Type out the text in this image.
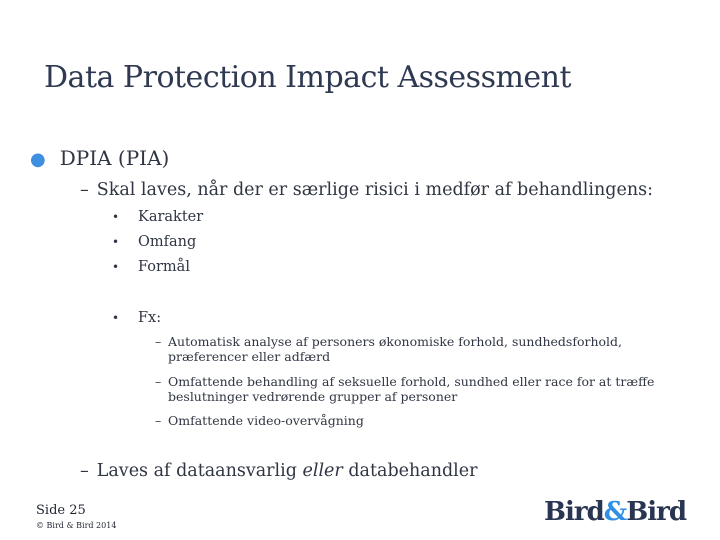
Data Protection Impact Assessment
● DPIA (PIA)
– Skal laves, når der er særlige risici i medfør af behandlingens:
• Karakter
• Omfang
• Formål
• Fx:
– Automatisk analyse af personers økonomiske forhold, sundhedsforhold, præferencer eller adfærd
– Omfattende behandling af seksuelle forhold, sundhed eller race for at træffe beslutninger vedrørende grupper af personer
– Omfattende video-overvågning
– Laves af dataansvarlig eller databehandler
Side 25
© Bird & Bird 2014	Bird&Bird
